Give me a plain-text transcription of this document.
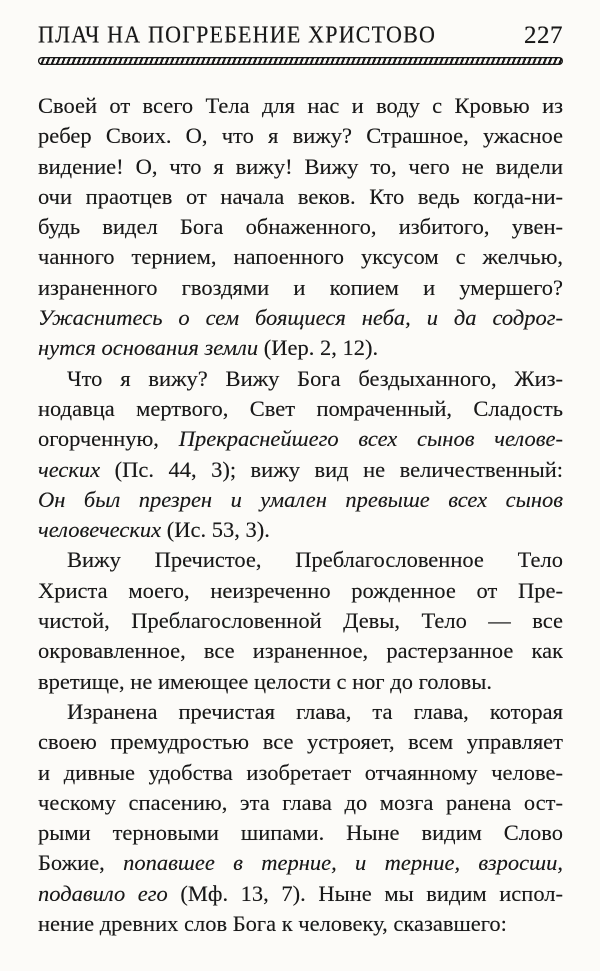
ПЛАЧ НА ПОГРЕБЕНИЕ ХРИСТОВО	227
Своей от всего Тела для нас и воду с Кровью из
ребер Своих. О, что я вижу? Страшное, ужасное
видение! О, что я вижу! Вижу то, чего не видели
очи праотцев от начала веков. Кто ведь когда-ни-
будь видел Бога обнаженного, избитого, увен-
чанного тернием, напоенного уксусом с желчью,
израненного гвоздями и копием и умершего?
Ужаснитесь о сем боящиеся неба, и да содрог-
нутся основания земли (Иер. 2, 12).
Что я вижу? Вижу Бога бездыханного, Жиз-
нодавца мертвого, Свет помраченный, Сладость
огорченную, Прекраснейшего всех сынов челове-
ческих (Пс. 44, 3); вижу вид не величественный:
Он был презрен и умален превыше всех сынов
человеческих (Ис. 53, 3).
Вижу Пречистое, Преблагословенное Тело
Христа моего, неизреченно рожденное от Пре-
чистой, Преблагословенной Девы, Тело — все
окровавленное, все израненное, растерзанное как
вретище, не имеющее целости с ног до головы.
Изранена пречистая глава, та глава, которая
своею премудростью все устрояет, всем управляет
и дивные удобства изобретает отчаянному челове-
ческому спасению, эта глава до мозга ранена ост-
рыми терновыми шипами. Ныне видим Слово
Божие, попавшее в терние, и терние, взросши,
подавило его (Мф. 13, 7). Ныне мы видим испол-
нение древних слов Бога к человеку, сказавшего:
